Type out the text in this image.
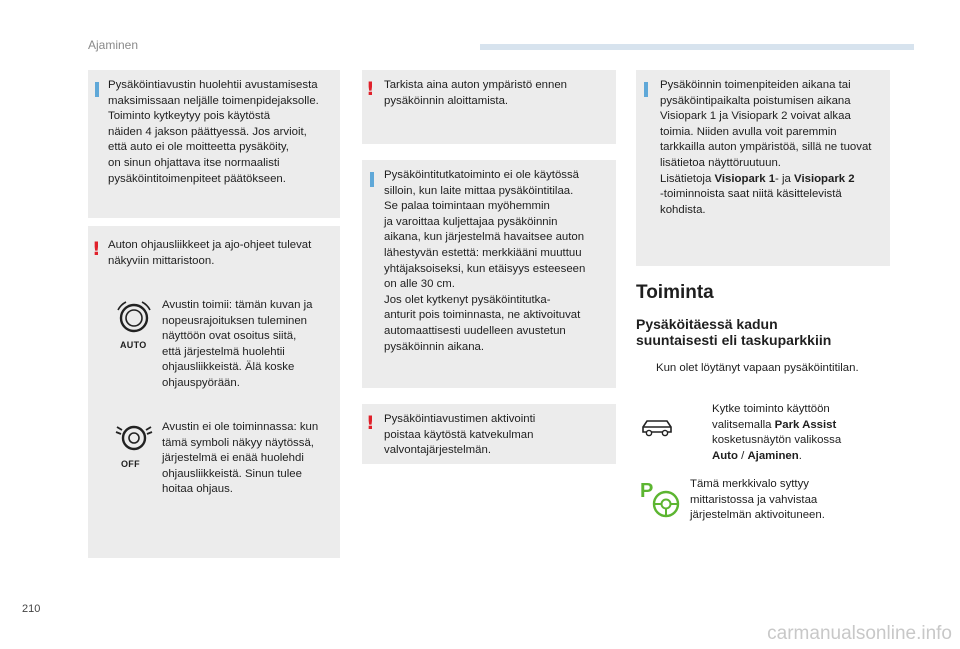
Ajaminen
Pysäköintiavustin huolehtii avustamisesta
maksimissaan neljälle toimenpidejaksolle.
Toiminto kytkeytyy pois käytöstä
näiden 4 jakson päättyessä. Jos arvioit,
että auto ei ole moitteetta pysäköity,
on sinun ohjattava itse normaalisti
pysäköintitoimenpiteet päätökseen.
! Auton ohjausliikkeet ja ajo-ohjeet tulevat
näkyviin mittaristoon.
AUTO
Avustin toimii: tämän kuvan ja
nopeusrajoituksen tuleminen
näyttöön ovat osoitus siitä,
että järjestelmä huolehtii
ohjausliikkeistä. Älä koske
ohjauspyörään.
OFF
Avustin ei ole toiminnassa: kun
tämä symboli näkyy näytössä,
järjestelmä ei enää huolehdi
ohjausliikkeistä. Sinun tulee
hoitaa ohjaus.
! Tarkista aina auton ympäristö ennen
pysäköinnin aloittamista.
Pysäköintitutkatoiminto ei ole käytössä
silloin, kun laite mittaa pysäköintitilaa.
Se palaa toimintaan myöhemmin
ja varoittaa kuljettajaa pysäköinnin
aikana, kun järjestelmä havaitsee auton
lähestyvän estettä: merkkiääni muuttuu
yhtäjaksoiseksi, kun etäisyys esteeseen
on alle 30 cm.
Jos olet kytkenyt pysäköintitutka-
anturit pois toiminnasta, ne aktivoituvat
automaattisesti uudelleen avustetun
pysäköinnin aikana.
! Pysäköintiavustimen aktivointi
poistaa käytöstä katvekulman
valvontajärjestelmän.
Pysäköinnin toimenpiteiden aikana tai
pysäköintipaikalta poistumisen aikana
Visiopark 1 ja Visiopark 2 voivat alkaa
toimia. Niiden avulla voit paremmin
tarkkailla auton ympäristöä, sillä ne tuovat
lisätietoa näyttöruutuun.
Lisätietoja Visiopark 1- ja Visiopark 2
-toiminnoista saat niitä käsittelevistä
kohdista.
Toiminta
Pysäköitäessä kadun
suuntaisesti eli taskuparkkiin
Kun olet löytänyt vapaan pysäköintitilan.
Kytke toiminto käyttöön
valitsemalla Park Assist
kosketusnäytön valikossa
Auto / Ajaminen.
P	Tämä merkkivalo syttyy
mittaristossa ja vahvistaa
järjestelmän aktivoituneen.
210
carmanualsonline.info
